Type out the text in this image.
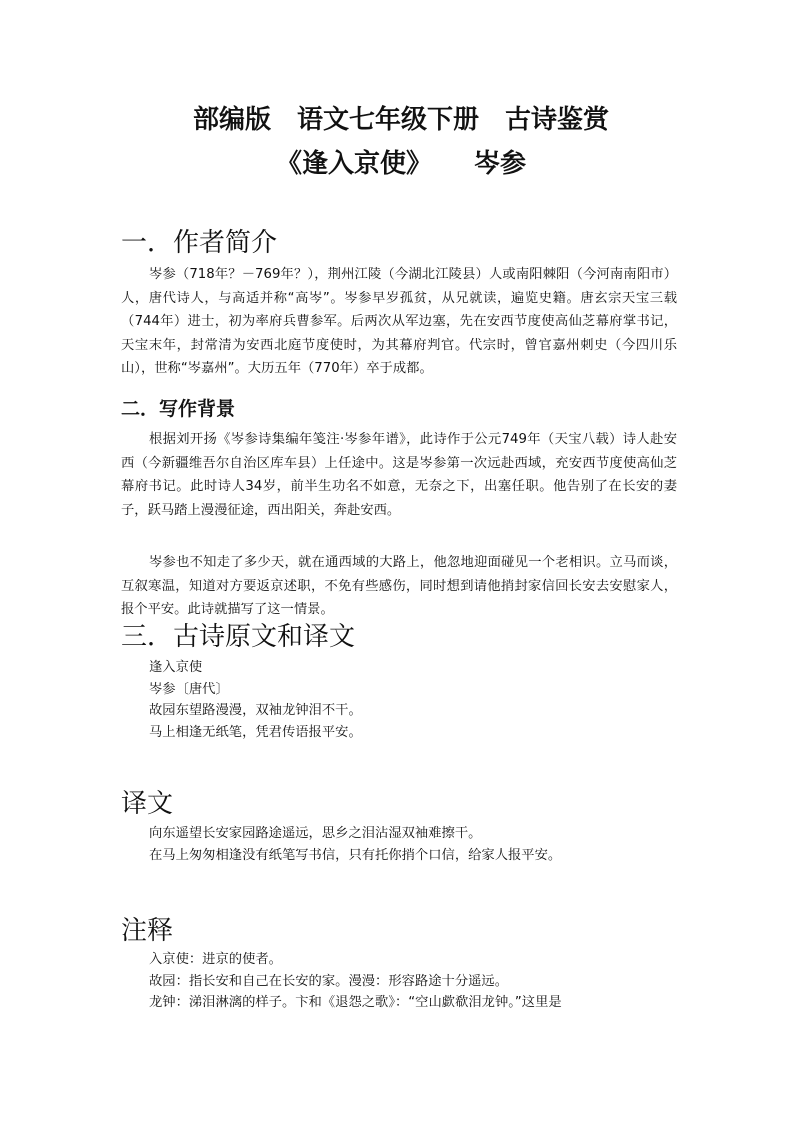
部编版 语文七年级下册 古诗鉴赏
《逢入京使》 岑参
一．作者简介

岑参（718年？－769年？），荆州江陵（今湖北江陵县）人或南阳棘阳（今河南南阳市）人，唐代诗人，与高适并称“高岑”。岑参早岁孤贫，从兄就读，遍览史籍。唐玄宗天宝三载（744年）进士，初为率府兵曹参军。后两次从军边塞，先在安西节度使高仙芝幕府掌书记，天宝末年，封常清为安西北庭节度使时，为其幕府判官。代宗时，曾官嘉州刺史（今四川乐山），世称“岑嘉州”。大历五年（770年）卒于成都。

二．写作背景

根据刘开扬《岑参诗集编年笺注·岑参年谱》，此诗作于公元749年（天宝八载）诗人赴安西（今新疆维吾尔自治区库车县）上任途中。这是岑参第一次远赴西域，充安西节度使高仙芝幕府书记。此时诗人34岁，前半生功名不如意，无奈之下，出塞任职。他告别了在长安的妻子，跃马踏上漫漫征途，西出阳关，奔赴安西。

岑参也不知走了多少天，就在通西域的大路上，他忽地迎面碰见一个老相识。立马而谈，互叙寒温，知道对方要返京述职，不免有些感伤，同时想到请他捎封家信回长安去安慰家人，报个平安。此诗就描写了这一情景。

三．古诗原文和译文
逢入京使
岑参〔唐代〕
故园东望路漫漫，双袖龙钟泪不干。
马上相逢无纸笔，凭君传语报平安。
译文
向东遥望长安家园路途遥远，思乡之泪沾湿双袖难擦干。
在马上匆匆相逢没有纸笔写书信，只有托你捎个口信，给家人报平安。
注释
入京使：进京的使者。
故园：指长安和自己在长安的家。漫漫：形容路途十分遥远。
龙钟：涕泪淋漓的样子。卞和《退怨之歌》：“空山歔欷泪龙钟。”这里是
